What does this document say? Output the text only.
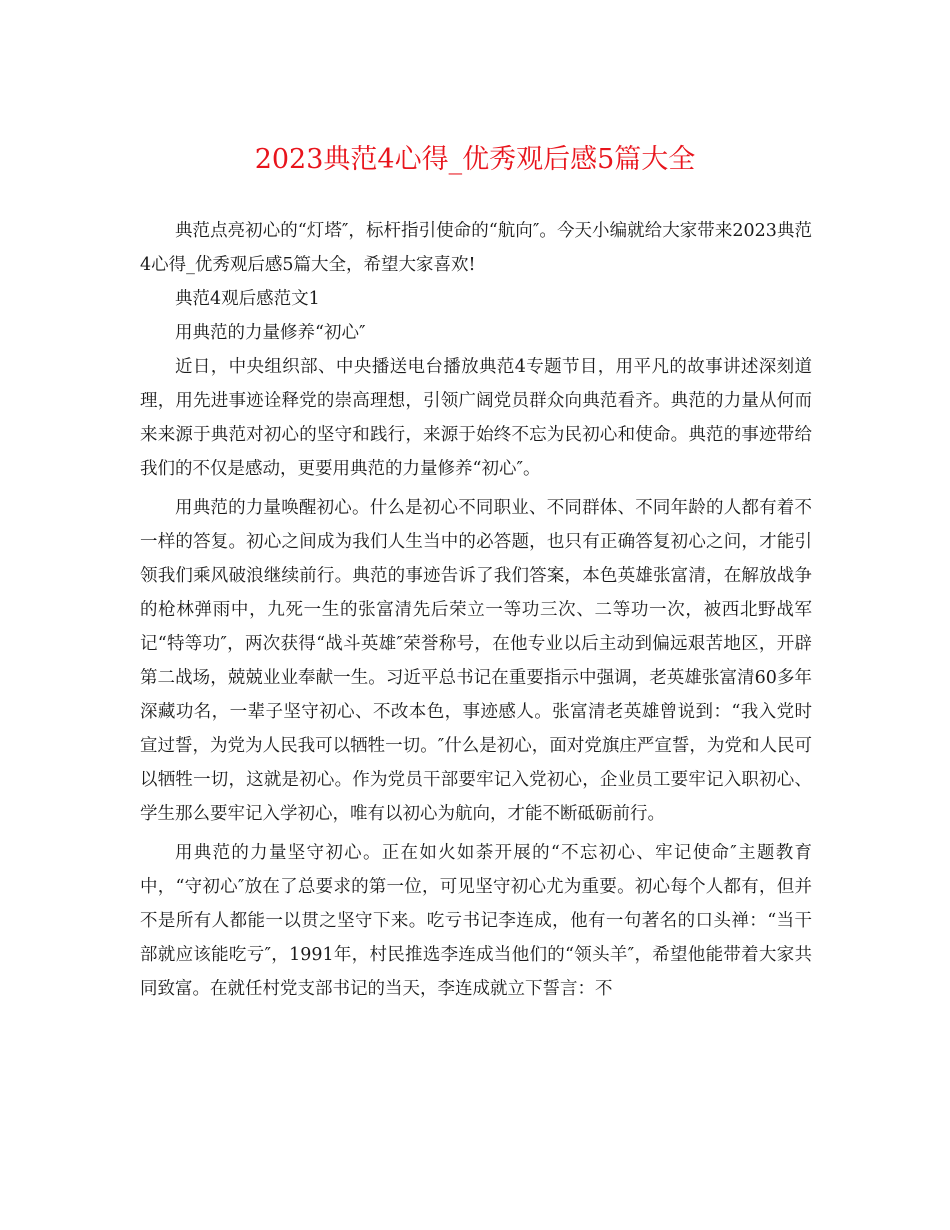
2023典范4心得_优秀观后感5篇大全

典范点亮初心的“灯塔″，标杆指引使命的“航向″。今天小编就给大家带来2023典范4心得_优秀观后感5篇大全，希望大家喜欢!

典范4观后感范文1

用典范的力量修养“初心″

近日，中央组织部、中央播送电台播放典范4专题节目，用平凡的故事讲述深刻道理，用先进事迹诠释党的崇高理想，引领广阔党员群众向典范看齐。典范的力量从何而来来源于典范对初心的坚守和践行，来源于始终不忘为民初心和使命。典范的事迹带给我们的不仅是感动，更要用典范的力量修养“初心″。

用典范的力量唤醒初心。什么是初心不同职业、不同群体、不同年龄的人都有着不一样的答复。初心之间成为我们人生当中的必答题，也只有正确答复初心之问，才能引领我们乘风破浪继续前行。典范的事迹告诉了我们答案，本色英雄张富清，在解放战争的枪林弹雨中，九死一生的张富清先后荣立一等功三次、二等功一次，被西北野战军记“特等功″，两次获得“战斗英雄″荣誉称号，在他专业以后主动到偏远艰苦地区，开辟第二战场，兢兢业业奉献一生。习近平总书记在重要指示中强调，老英雄张富清60多年深藏功名，一辈子坚守初心、不改本色，事迹感人。张富清老英雄曾说到：“我入党时宣过誓，为党为人民我可以牺牲一切。″什么是初心，面对党旗庄严宣誓，为党和人民可以牺牲一切，这就是初心。作为党员干部要牢记入党初心，企业员工要牢记入职初心、学生那么要牢记入学初心，唯有以初心为航向，才能不断砥砺前行。

用典范的力量坚守初心。正在如火如荼开展的“不忘初心、牢记使命″主题教育中，“守初心″放在了总要求的第一位，可见坚守初心尤为重要。初心每个人都有，但并不是所有人都能一以贯之坚守下来。吃亏书记李连成，他有一句著名的口头禅：“当干部就应该能吃亏″，1991年，村民推选李连成当他们的“领头羊″，希望他能带着大家共同致富。在就任村党支部书记的当天，李连成就立下誓言：不
